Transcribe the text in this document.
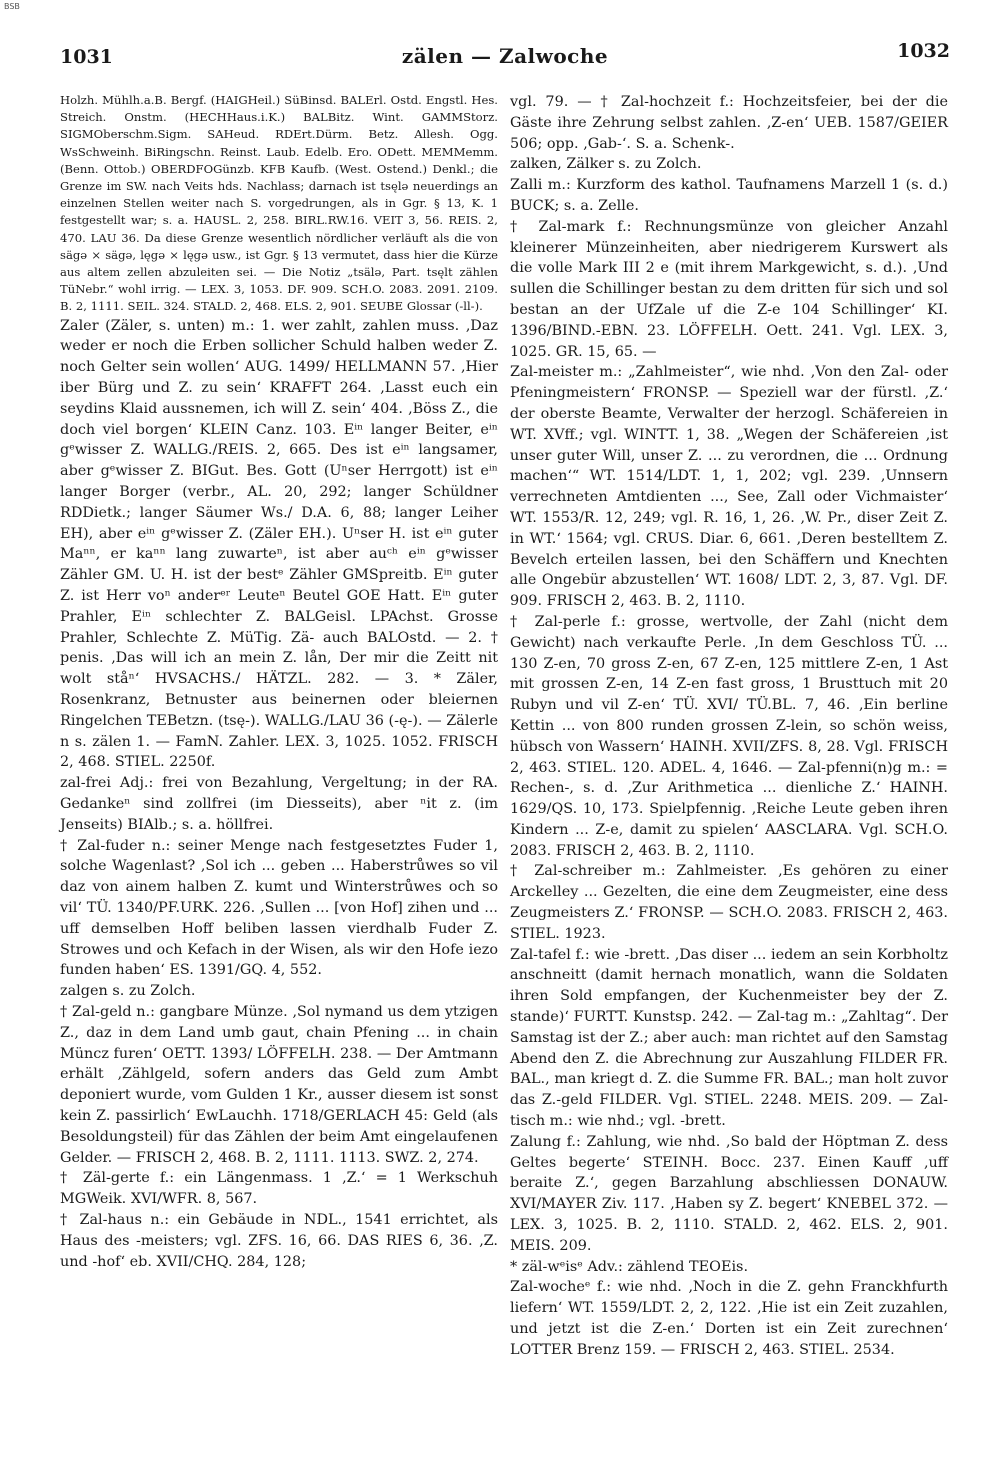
BSB
1031	zälen — Zalwoche	1032

Holzh. Mühlh.a.B. Bergf. (HAIGHeil.) SüBinsd. BALErl. Ostd. Engstl. Hes. Streich. Onstm. (HECHHaus.i.K.) BALBitz. Wint. GAMMStorz. SIGMOberschm.Sigm. SAHeud. RDErt.Dürm. Betz. Allesh. Ogg. WsSchweinh. BiRingschn. Reinst. Laub. Edelb. Ero. ODett. MEMMemm. (Benn. Ottob.) OBERDFOGünzb. KFB Kaufb. (West. Ostend.) Denkl.; die Grenze im SW. nach Veits hds. Nachlass; darnach ist tsęlə neuerdings an einzelnen Stellen weiter nach S. vorgedrungen, als in Ggr. § 13, K. 1 festgestellt war; s. a. HAUSL. 2, 258. BIRL.RW.16. VEIT 3, 56. REIS. 2, 470. LAU 36. Da diese Grenze wesentlich nördlicher verläuft als die von sägə × sägə, lęgə × lęgə usw., ist Ggr. § 13 vermutet, dass hier die Kürze aus altem zellen abzuleiten sei. — Die Notiz „tsälə, Part. tsęlt zählen TüNebr.“ wohl irrig. — LEX. 3, 1053. DF. 909. SCH.O. 2083. 2091. 2109. B. 2, 1111. SEIL. 324. STALD. 2, 468. ELS. 2, 901. SEUBE Glossar (-ll-).

Zaler (Zäler, s. unten) m.: 1. wer zahlt, zahlen muss. ‚Daz weder er noch die Erben sollicher Schuld halben weder Z. noch Gelter sein wollen‘ AUG. 1499/ HELLMANN 57. ‚Hier iber Bürg und Z. zu sein‘ KRAFFT 264. ‚Lasst euch ein seydins Klaid aussnemen, ich will Z. sein‘ 404. ‚Böss Z., die doch viel borgen‘ KLEIN Canz. 103. Eⁱⁿ langer Beiter, eⁱⁿ gᵉwisser Z. WALLG./REIS. 2, 665. Des ist eⁱⁿ langsamer, aber gᵉwisser Z. BIGut. Bes. Gott (Uⁿser Herrgott) ist eⁱⁿ langer Borger (verbr., AL. 20, 292; langer Schüldner RDDietk.; langer Säumer Ws./ D.A. 6, 88; langer Leiher EH), aber eⁱⁿ gᵉwisser Z. (Zäler EH.). Uⁿser H. ist eⁱⁿ guter Maⁿⁿ, er kaⁿⁿ lang zuwarteⁿ, ist aber auᶜʰ eⁱⁿ gᵉwisser Zähler GM. U. H. ist der bestᵉ Zähler GMSpreitb. Eⁱⁿ guter Z. ist Herr voⁿ anderᵉʳ Leuteⁿ Beutel GOE Hatt. Eⁱⁿ guter Prahler, Eⁱⁿ schlechter Z. BALGeisl. LPAchst. Grosse Prahler, Schlechte Z. MüTig. Zä- auch BALOstd. — 2. † penis. ‚Das will ich an mein Z. lån, Der mir die Zeitt nit wolt ståⁿ‘ HVSACHS./ HÄTZL. 282. — 3. * Zäler, Rosenkranz, Betnuster aus beinernen oder bleiernen Ringelchen TEBetzn. (tsę-). WALLG./LAU 36 (-ę-). — Zälerle n s. zälen 1. — FamN. Zahler. LEX. 3, 1025. 1052. FRISCH 2, 468. STIEL. 2250f.

zal-frei Adj.: frei von Bezahlung, Vergeltung; in der RA. Gedankeⁿ sind zollfrei (im Diesseits), aber ⁿit z. (im Jenseits) BIAlb.; s. a. höllfrei.

† Zal-fuder n.: seiner Menge nach festgesetztes Fuder 1, solche Wagenlast? ‚Sol ich ... geben ... Haberstrůwes so vil daz von ainem halben Z. kumt und Winterstrůwes och so vil‘ TÜ. 1340/PF.URK. 226. ‚Sullen ... [von Hof] zihen und ... uff demselben Hoff beliben lassen vierdhalb Fuder Z. Strowes und och Kefach in der Wisen, als wir den Hofe iezo funden haben‘ ES. 1391/GQ. 4, 552.

zalgen s. zu Zolch.

† Zal-geld n.: gangbare Münze. ‚Sol nymand us dem ytzigen Z., daz in dem Land umb gaut, chain Pfening ... in chain Müncz furen‘ OETT. 1393/ LÖFFELH. 238. — Der Amtmann erhält ‚Zählgeld, sofern anders das Geld zum Ambt deponiert wurde, vom Gulden 1 Kr., ausser diesem ist sonst kein Z. passirlich‘ EwLauchh. 1718/GERLACH 45: Geld (als Besoldungsteil) für das Zählen der beim Amt eingelaufenen Gelder. — FRISCH 2, 468. B. 2, 1111. 1113. SWZ. 2, 274.

† Zäl-gerte f.: ein Längenmass. 1 ‚Z.‘ = 1 Werkschuh MGWeik. XVI/WFR. 8, 567.

† Zal-haus n.: ein Gebäude in NDL., 1541 errichtet, als Haus des -meisters; vgl. ZFS. 16, 66. DAS RIES 6, 36. ‚Z. und -hof‘ eb. XVII/CHQ. 284, 128;

vgl. 79. — † Zal-hochzeit f.: Hochzeitsfeier, bei der die Gäste ihre Zehrung selbst zahlen. ‚Z-en‘ UEB. 1587/GEIER 506; opp. ‚Gab-‘. S. a. Schenk-.

zalken, Zälker s. zu Zolch.

Zalli m.: Kurzform des kathol. Taufnamens Marzell 1 (s. d.) BUCK; s. a. Zelle.

† Zal-mark f.: Rechnungsmünze von gleicher Anzahl kleinerer Münzeinheiten, aber niedrigerem Kurswert als die volle Mark III 2 e (mit ihrem Markgewicht, s. d.). ‚Und sullen die Schillinger bestan zu dem dritten für sich und sol bestan an der UfZale uf die Z-e 104 Schillinger‘ KI. 1396/BIND.-EBN. 23. LÖFFELH. Oett. 241. Vgl. LEX. 3, 1025. GR. 15, 65. —

Zal-meister m.: „Zahlmeister“, wie nhd. ‚Von den Zal- oder Pfeningmeistern‘ FRONSP. — Speziell war der fürstl. ‚Z.‘ der oberste Beamte, Verwalter der herzogl. Schäfereien in WT. XVff.; vgl. WINTT. 1, 38. „Wegen der Schäfereien ‚ist unser guter Will, unser Z. ... zu verordnen, die ... Ordnung machen‘“ WT. 1514/LDT. 1, 1, 202; vgl. 239. ‚Unnsern verrechneten Amtdienten ..., See, Zall oder Vichmaister‘ WT. 1553/R. 12, 249; vgl. R. 16, 1, 26. ‚W. Pr., diser Zeit Z. in WT.‘ 1564; vgl. CRUS. Diar. 6, 661. ‚Deren bestelltem Z. Bevelch erteilen lassen, bei den Schäffern und Knechten alle Ongebür abzustellen‘ WT. 1608/ LDT. 2, 3, 87. Vgl. DF. 909. FRISCH 2, 463. B. 2, 1110.

† Zal-perle f.: grosse, wertvolle, der Zahl (nicht dem Gewicht) nach verkaufte Perle. ‚In dem Geschloss TÜ. ... 130 Z-en, 70 gross Z-en, 67 Z-en, 125 mittlere Z-en, 1 Ast mit grossen Z-en, 14 Z-en fast gross, 1 Brusttuch mit 20 Rubyn und vil Z-en‘ TÜ. XVI/ TÜ.BL. 7, 46. ‚Ein berline Kettin ... von 800 runden grossen Z-lein, so schön weiss, hübsch von Wassern‘ HAINH. XVII/ZFS. 8, 28. Vgl. FRISCH 2, 463. STIEL. 120. ADEL. 4, 1646. — Zal-pfenni(n)g m.: = Rechen-, s. d. ‚Zur Arithmetica ... dienliche Z.‘ HAINH. 1629/QS. 10, 173. Spielpfennig. ‚Reiche Leute geben ihren Kindern ... Z-e, damit zu spielen‘ AASCLARA. Vgl. SCH.O. 2083. FRISCH 2, 463. B. 2, 1110.

† Zal-schreiber m.: Zahlmeister. ‚Es gehören zu einer Arckelley ... Gezelten, die eine dem Zeugmeister, eine dess Zeugmeisters Z.‘ FRONSP. — SCH.O. 2083. FRISCH 2, 463. STIEL. 1923.

Zal-tafel f.: wie -brett. ‚Das diser ... iedem an sein Korbholtz anschneitt (damit hernach monatlich, wann die Soldaten ihren Sold empfangen, der Kuchenmeister bey der Z. stande)‘ FURTT. Kunstsp. 242. — Zal-tag m.: „Zahltag“. Der Samstag ist der Z.; aber auch: man richtet auf den Samstag Abend den Z. die Abrechnung zur Auszahlung FILDER FR. BAL., man kriegt d. Z. die Summe FR. BAL.; man holt zuvor das Z.-geld FILDER. Vgl. STIEL. 2248. MEIS. 209. — Zal-tisch m.: wie nhd.; vgl. -brett.

Zalung f.: Zahlung, wie nhd. ‚So bald der Höptman Z. dess Geltes begerte‘ STEINH. Bocc. 237. Einen Kauff ‚uff beraite Z.‘, gegen Barzahlung abschliessen DONAUW. XVI/MAYER Ziv. 117. ‚Haben sy Z. begert‘ KNEBEL 372. — LEX. 3, 1025. B. 2, 1110. STALD. 2, 462. ELS. 2, 901. MEIS. 209.

* zäl-wᵉisᵉ Adv.: zählend TEOEis.

Zal-wocheᵉ f.: wie nhd. ‚Noch in die Z. gehn Franckhfurth liefern‘ WT. 1559/LDT. 2, 2, 122. ‚Hie ist ein Zeit zuzahlen, und jetzt ist die Z-en.‘ Dorten ist ein Zeit zurechnen‘ LOTTER Brenz 159. — FRISCH 2, 463. STIEL. 2534.
